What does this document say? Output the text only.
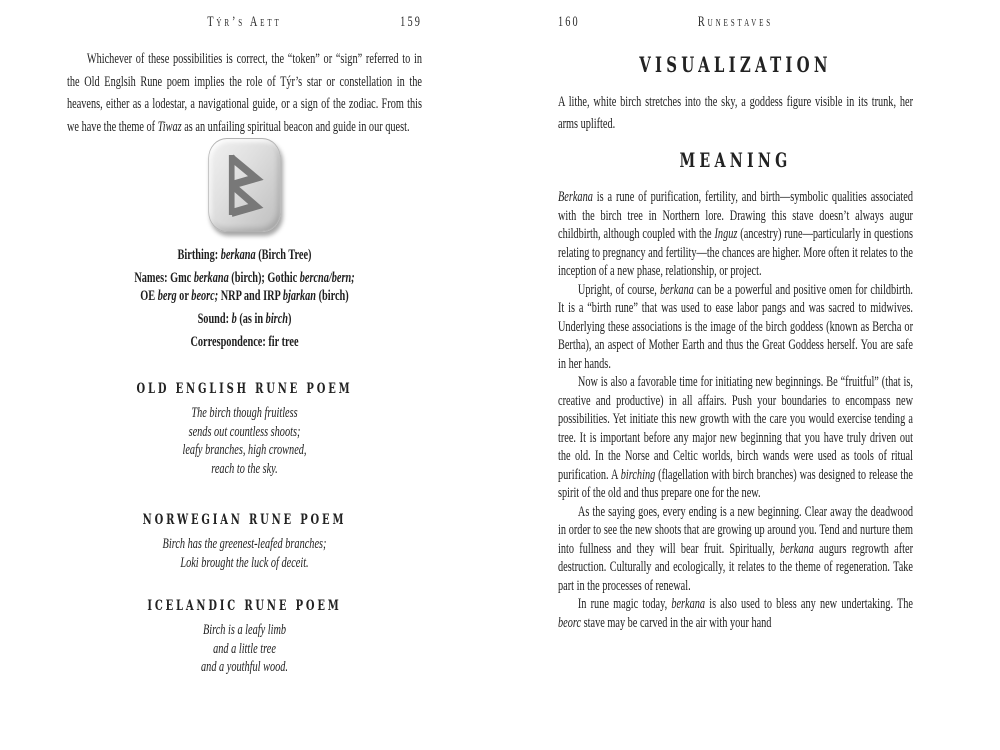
Týr’s Aett	159

Whichever of these possibilities is correct, the “token” or “sign” referred to in the Old Englsih Rune poem implies the role of Týr’s star or constellation in the heavens, either as a lodestar, a navigational guide, or a sign of the zodiac. From this we have the theme of Tiwaz as an unfailing spiritual beacon and guide in our quest.

Birthing: berkana (Birch Tree)

Names: Gmc berkana (birch); Gothic bercna/bern;

OE berg or beorc; NRP and IRP bjarkan (birch)

Sound: b (as in birch)

Correspondence: fir tree

OLD ENGLISH RUNE POEM
The birch though fruitless
sends out countless shoots;
leafy branches, high crowned,
reach to the sky.
NORWEGIAN RUNE POEM
Birch has the greenest-leafed branches;
Loki brought the luck of deceit.
ICELANDIC RUNE POEM
Birch is a leafy limb
and a little tree
and a youthful wood.
Runestaves
160
VISUALIZATION

A lithe, white birch stretches into the sky, a goddess figure visible in its trunk, her arms uplifted.

MEANING

Berkana is a rune of purification, fertility, and birth—symbolic qualities associated with the birch tree in Northern lore. Drawing this stave doesn’t always augur childbirth, although coupled with the Inguz (ancestry) rune—particularly in questions relating to pregnancy and fertility—the chances are higher. More often it relates to the inception of a new phase, relationship, or project.

Upright, of course, berkana can be a powerful and positive omen for childbirth. It is a “birth rune” that was used to ease labor pangs and was sacred to midwives. Underlying these associations is the image of the birch goddess (known as Bercha or Bertha), an aspect of Mother Earth and thus the Great Goddess herself. You are safe in her hands.

Now is also a favorable time for initiating new beginnings. Be “fruitful” (that is, creative and productive) in all affairs. Push your boundaries to encompass new possibilities. Yet initiate this new growth with the care you would exercise tending a tree. It is important before any major new beginning that you have truly driven out the old. In the Norse and Celtic worlds, birch wands were used as tools of ritual purification. A birching (flagellation with birch branches) was designed to release the spirit of the old and thus prepare one for the new.

As the saying goes, every ending is a new beginning. Clear away the deadwood in order to see the new shoots that are growing up around you. Tend and nurture them into fullness and they will bear fruit. Spiritually, berkana augurs regrowth after destruction. Culturally and ecologically, it relates to the theme of regeneration. Take part in the processes of renewal.

In rune magic today, berkana is also used to bless any new undertaking. The beorc stave may be carved in the air with your hand
